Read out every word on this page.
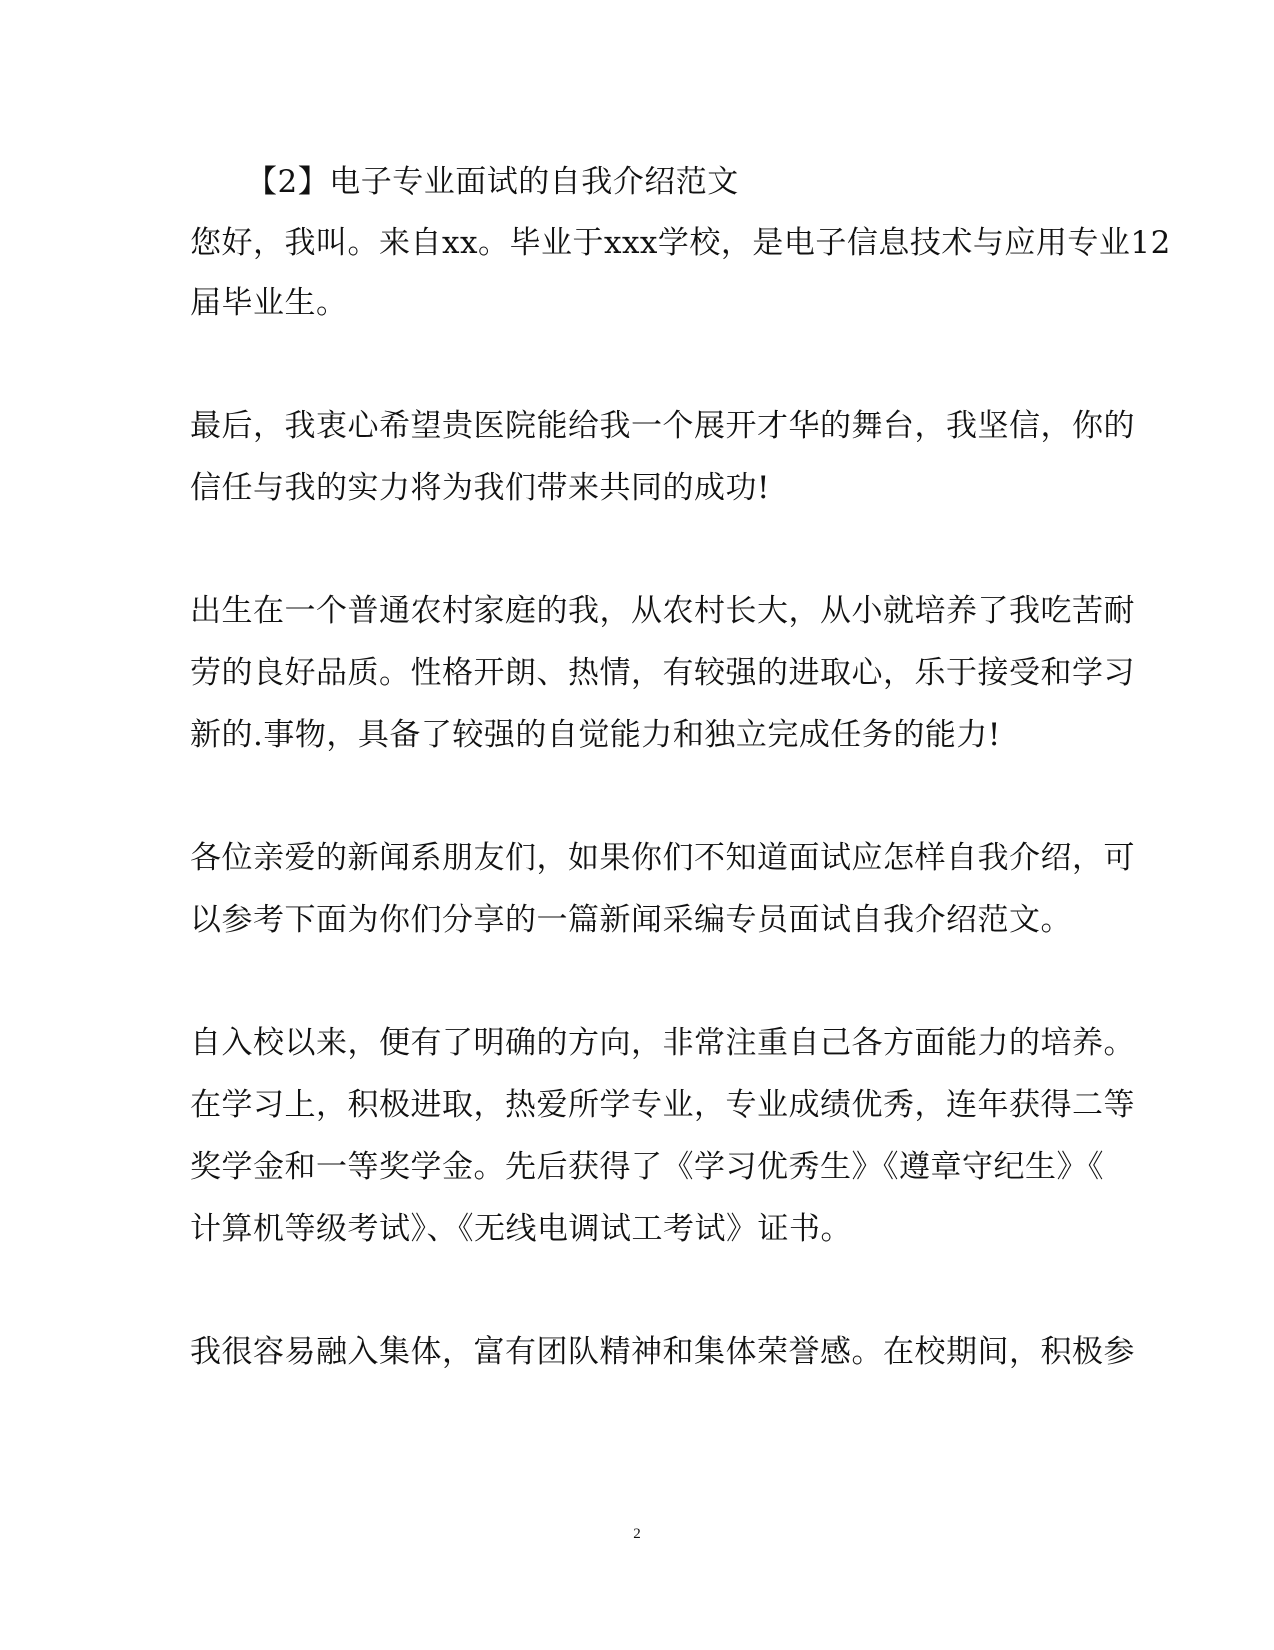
【2】电子专业面试的自我介绍范文
您好，我叫。来自xx。毕业于xxx学校，是电子信息技术与应用专业12
届毕业生。
最后，我衷心希望贵医院能给我一个展开才华的舞台，我坚信，你的
信任与我的实力将为我们带来共同的成功!
出生在一个普通农村家庭的我，从农村长大，从小就培养了我吃苦耐
劳的良好品质。性格开朗、热情，有较强的进取心，乐于接受和学习
新的.事物，具备了较强的自觉能力和独立完成任务的能力!
各位亲爱的新闻系朋友们，如果你们不知道面试应怎样自我介绍，可
以参考下面为你们分享的一篇新闻采编专员面试自我介绍范文。
自入校以来，便有了明确的方向，非常注重自己各方面能力的培养。
在学习上，积极进取，热爱所学专业，专业成绩优秀，连年获得二等
奖学金和一等奖学金。先后获得了《学习优秀生》《遵章守纪生》《
计算机等级考试》、《无线电调试工考试》证书。
我很容易融入集体，富有团队精神和集体荣誉感。在校期间，积极参
2
